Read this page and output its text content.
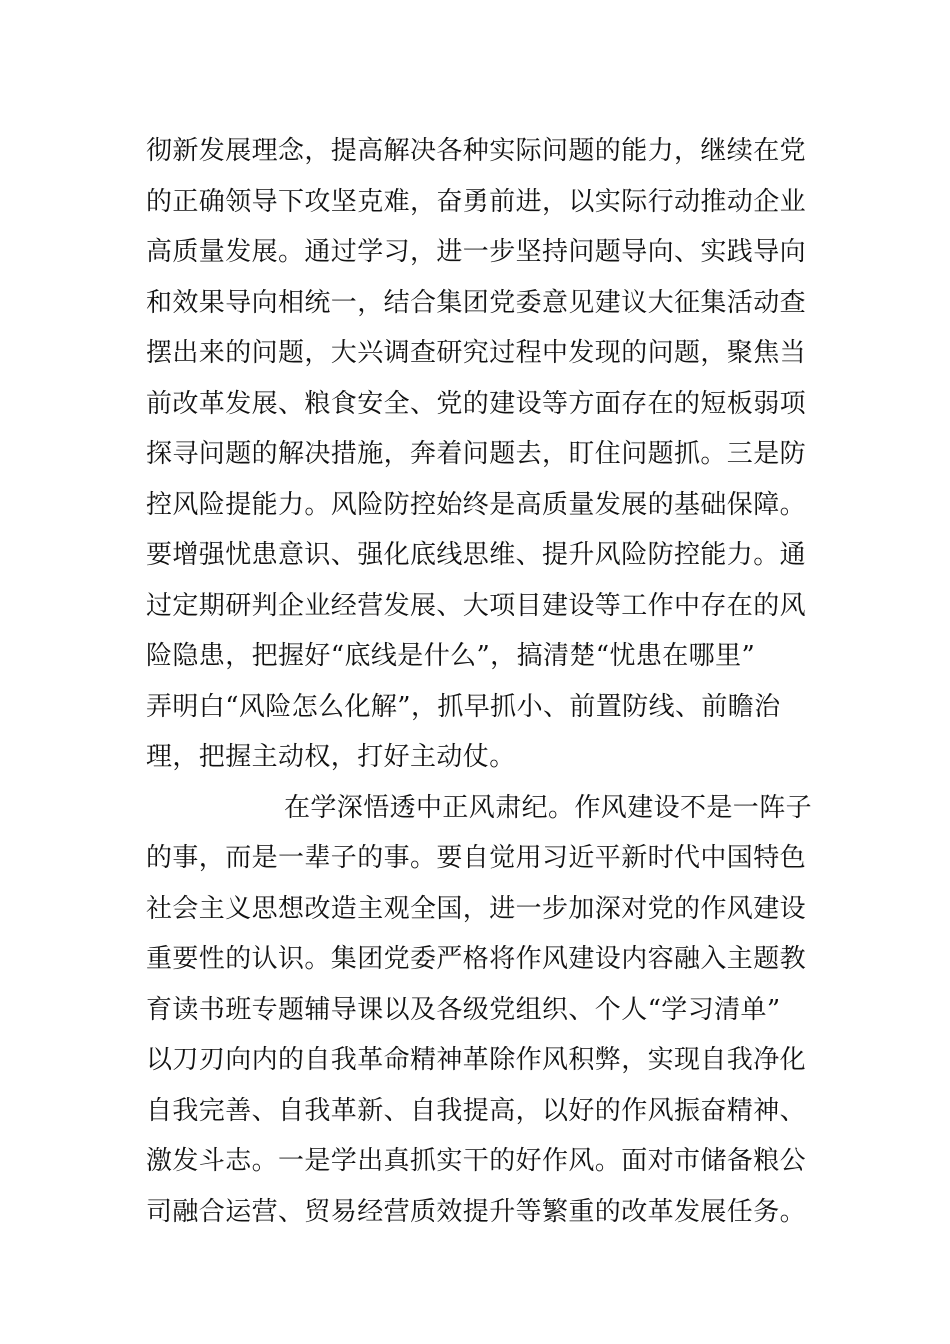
彻新发展理念，提高解决各种实际问题的能力，继续在党
的正确领导下攻坚克难，奋勇前进，以实际行动推动企业
高质量发展。通过学习，进一步坚持问题导向、实践导向
和效果导向相统一，结合集团党委意见建议大征集活动查
摆出来的问题，大兴调查研究过程中发现的问题，聚焦当
前改革发展、粮食安全、党的建设等方面存在的短板弱项
探寻问题的解决措施，奔着问题去，盯住问题抓。三是防
控风险提能力。风险防控始终是高质量发展的基础保障。
要增强忧患意识、强化底线思维、提升风险防控能力。通
过定期研判企业经营发展、大项目建设等工作中存在的风
险隐患，把握好“底线是什么”，搞清楚“忧患在哪里”
弄明白“风险怎么化解”，抓早抓小、前置防线、前瞻治
理，把握主动权，打好主动仗。
在学深悟透中正风肃纪。作风建设不是一阵子
的事，而是一辈子的事。要自觉用习近平新时代中国特色
社会主义思想改造主观全国，进一步加深对党的作风建设
重要性的认识。集团党委严格将作风建设内容融入主题教
育读书班专题辅导课以及各级党组织、个人“学习清单”
以刀刃向内的自我革命精神革除作风积弊，实现自我净化
自我完善、自我革新、自我提高，以好的作风振奋精神、
激发斗志。一是学出真抓实干的好作风。面对市储备粮公
司融合运营、贸易经营质效提升等繁重的改革发展任务。
